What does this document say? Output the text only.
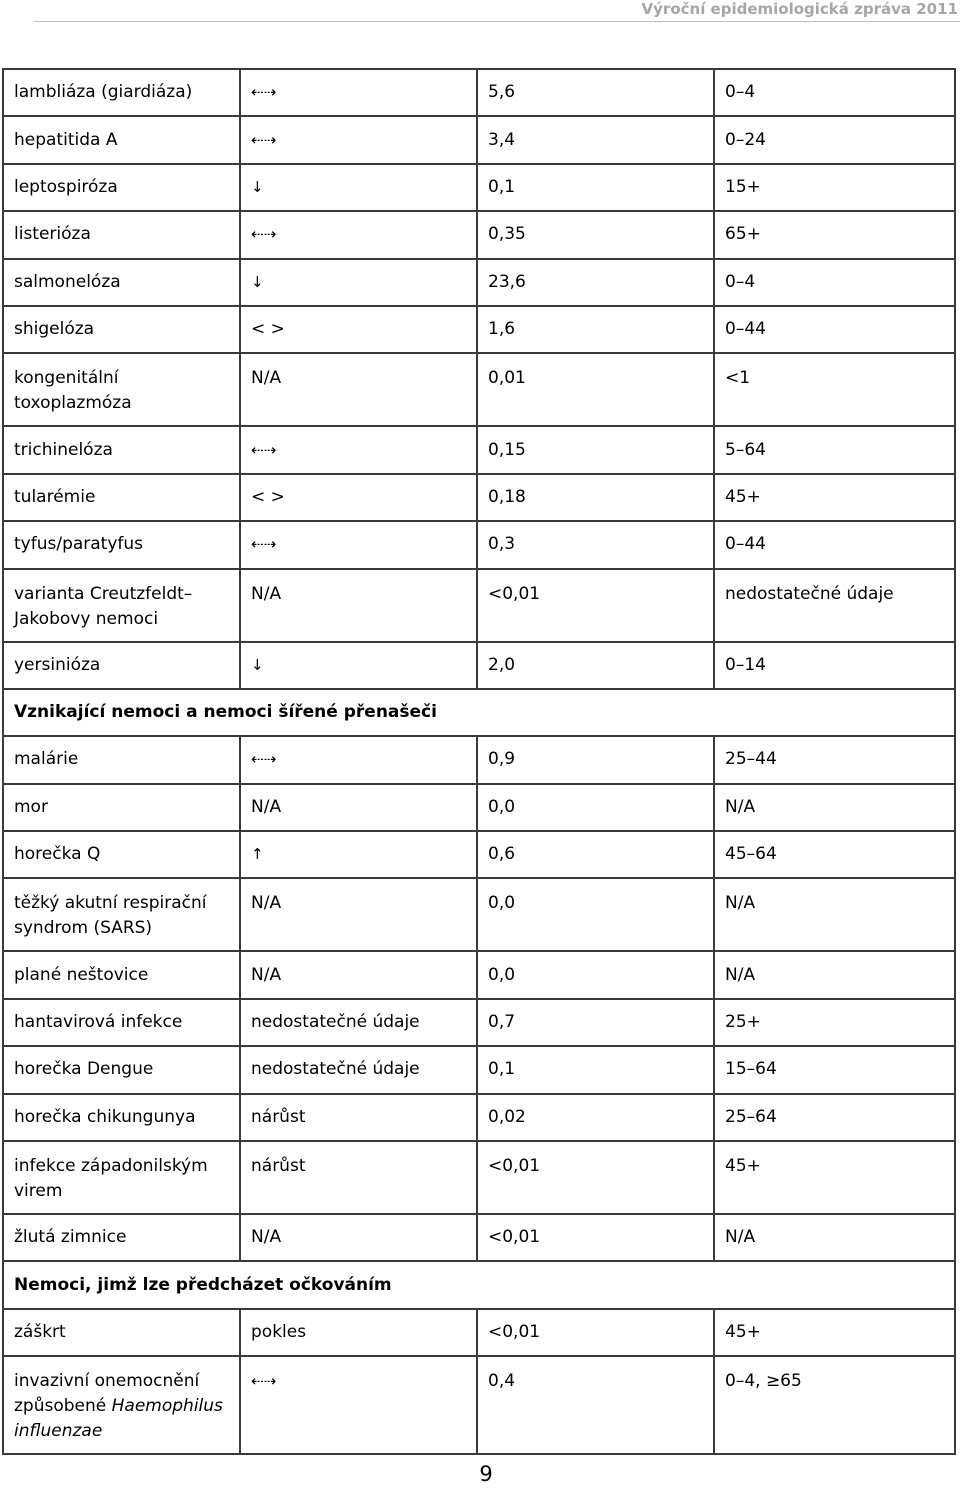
Výroční epidemiologická zpráva 2011
lambliáza (giardiáza)	⇠⇢	5,6	0–4
hepatitida A	⇠⇢	3,4	0–24
leptospiróza	↓	0,1	15+
listerióza	⇠⇢	0,35	65+
salmonelóza	↓	23,6	0–4
shigelóza	< >	1,6	0–44
kongenitální toxoplazmóza	N/A	0,01	<1
trichinelóza	⇠⇢	0,15	5–64
tularémie	< >	0,18	45+
tyfus/paratyfus	⇠⇢	0,3	0–44
varianta Creutzfeldt–Jakobovy nemoci	N/A	<0,01	nedostatečné údaje
yersinióza	↓	2,0	0–14
Vznikající nemoci a nemoci šířené přenašeči			
malárie	⇠⇢	0,9	25–44
mor	N/A	0,0	N/A
horečka Q	↑	0,6	45–64
těžký akutní respirační syndrom (SARS)	N/A	0,0	N/A
plané neštovice	N/A	0,0	N/A
hantavirová infekce	nedostatečné údaje	0,7	25+
horečka Dengue	nedostatečné údaje	0,1	15–64
horečka chikungunya	nárůst	0,02	25–64
infekce západonilským virem	nárůst	<0,01	45+
žlutá zimnice	N/A	<0,01	N/A
Nemoci, jimž lze předcházet očkováním			
záškrt	pokles	<0,01	45+
invazivní onemocnění způsobené Haemophilus influenzae	⇠⇢	0,4	0–4, ≥65
9
